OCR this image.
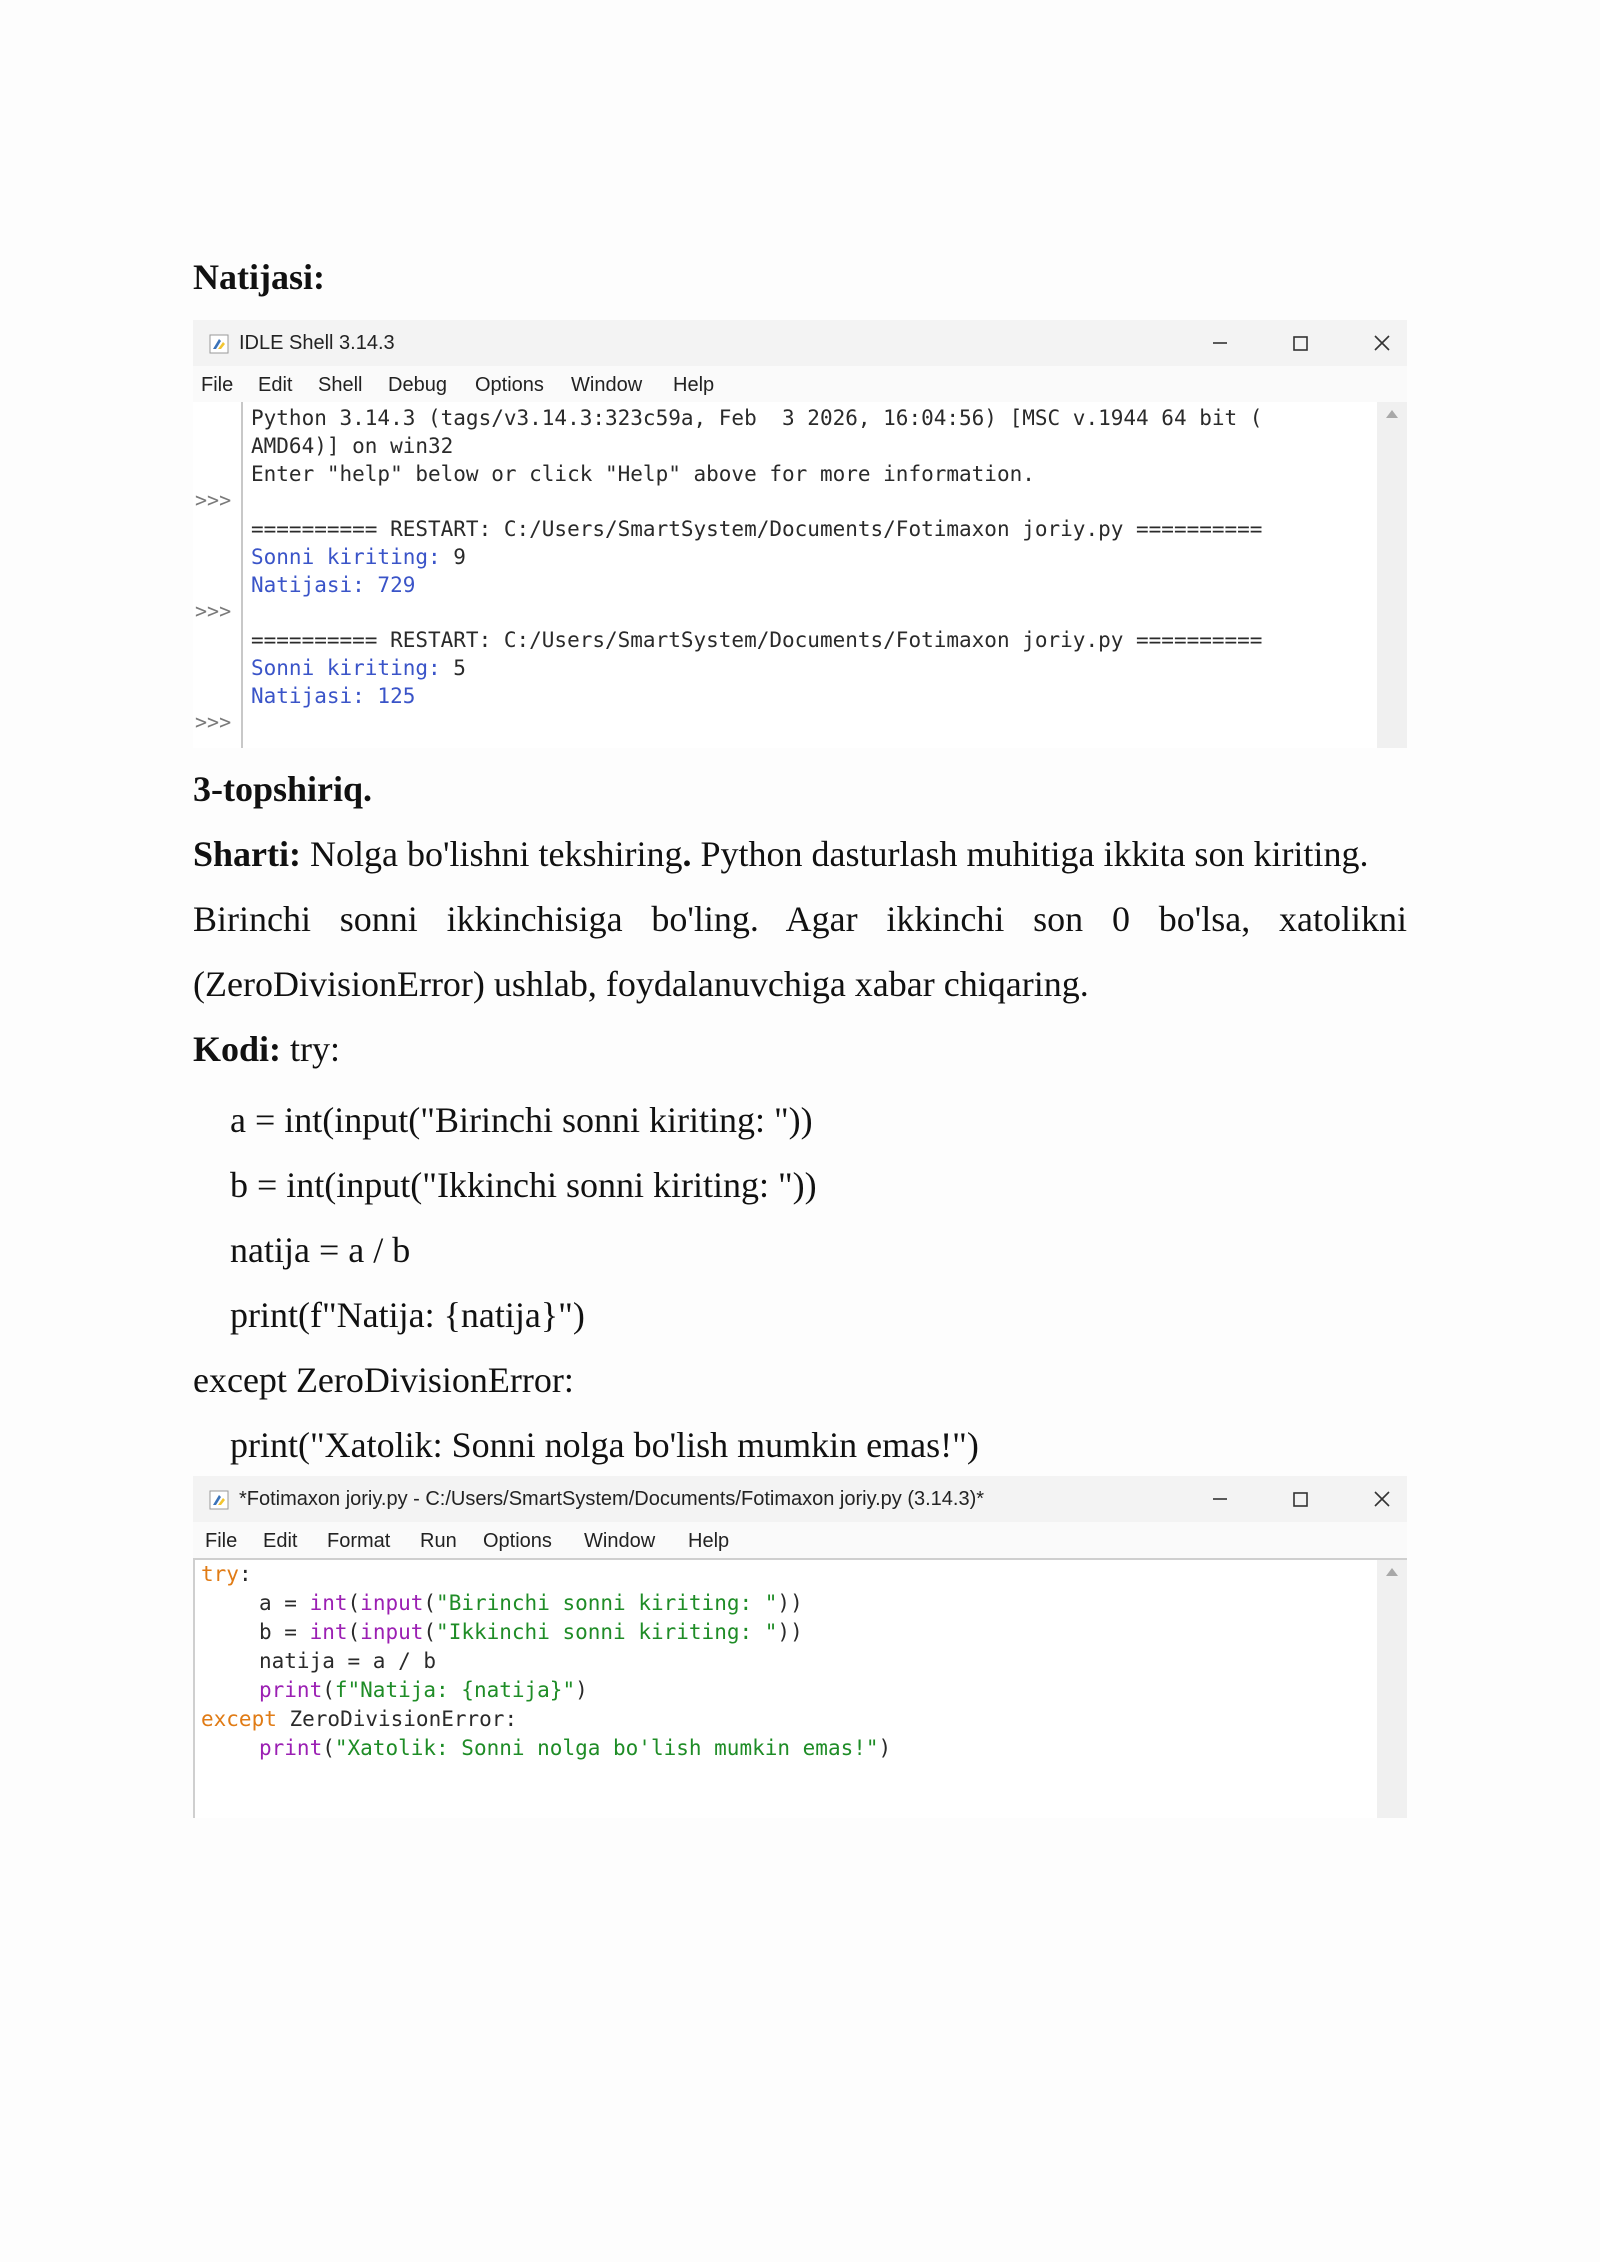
Natijasi:
IDLE Shell 3.14.3
File Edit Shell Debug Options Window Help
>>>
>>>
>>>
Python 3.14.3 (tags/v3.14.3:323c59a, Feb  3 2026, 16:04:56) [MSC v.1944 64 bit (
AMD64)] on win32
Enter "help" below or click "Help" above for more information.
========== RESTART: C:/Users/SmartSystem/Documents/Fotimaxon joriy.py ==========
Sonni kiriting: 9
Natijasi: 729
========== RESTART: C:/Users/SmartSystem/Documents/Fotimaxon joriy.py ==========
Sonni kiriting: 5
Natijasi: 125
3-topshiriq.
Sharti: Nolga bo'lishni tekshiring. Python dasturlash muhitiga ikkita son kiriting.
Birinchi sonni ikkinchisiga bo'ling. Agar ikkinchi son 0 bo'lsa, xatolikni
(ZeroDivisionError) ushlab, foydalanuvchiga xabar chiqaring.
Kodi: try:
a = int(input("Birinchi sonni kiriting: "))
b = int(input("Ikkinchi sonni kiriting: "))
natija = a / b
print(f"Natija: {natija}")
except ZeroDivisionError:
print("Xatolik: Sonni nolga bo'lish mumkin emas!")
*Fotimaxon joriy.py - C:/Users/SmartSystem/Documents/Fotimaxon joriy.py (3.14.3)*
File Edit Format Run Options Window Help
try:
a = int(input("Birinchi sonni kiriting: "))
b = int(input("Ikkinchi sonni kiriting: "))
natija = a / b
print(f"Natija: {natija}")
except ZeroDivisionError:
print("Xatolik: Sonni nolga bo'lish mumkin emas!")
